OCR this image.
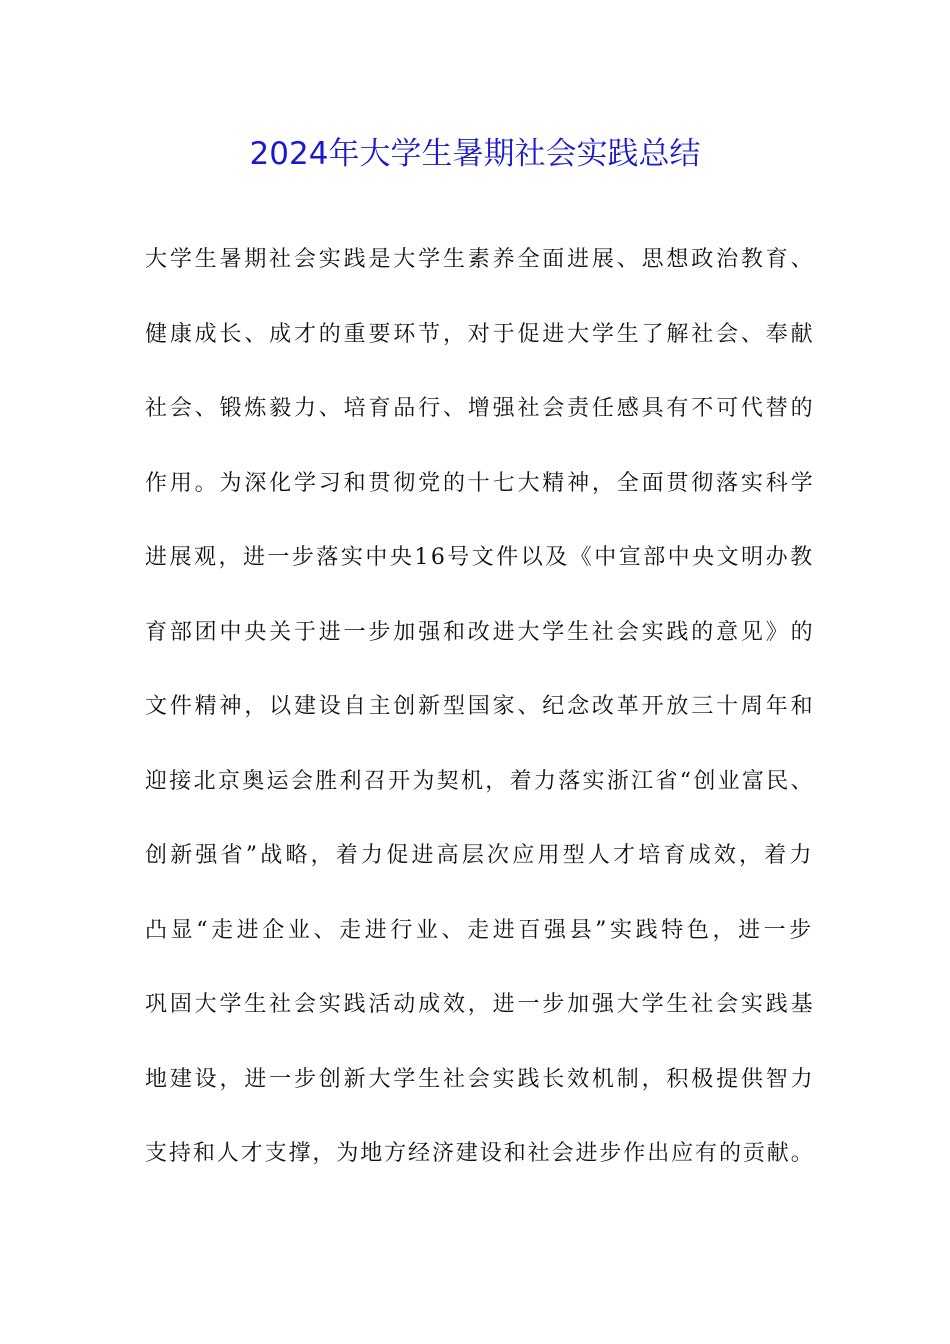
2024年大学生暑期社会实践总结
大学生暑期社会实践是大学生素养全面进展、思想政治教育、
健康成长、成才的重要环节，对于促进大学生了解社会、奉献
社会、锻炼毅力、培育品行、增强社会责任感具有不可代替的
作用。为深化学习和贯彻党的十七大精神，全面贯彻落实科学
进展观，进一步落实中央16号文件以及《中宣部中央文明办教
育部团中央关于进一步加强和改进大学生社会实践的意见》的
文件精神，以建设自主创新型国家、纪念改革开放三十周年和
迎接北京奥运会胜利召开为契机，着力落实浙江省“创业富民、
创新强省”战略，着力促进高层次应用型人才培育成效，着力
凸显“走进企业、走进行业、走进百强县”实践特色，进一步
巩固大学生社会实践活动成效，进一步加强大学生社会实践基
地建设，进一步创新大学生社会实践长效机制，积极提供智力
支持和人才支撑，为地方经济建设和社会进步作出应有的贡献。
